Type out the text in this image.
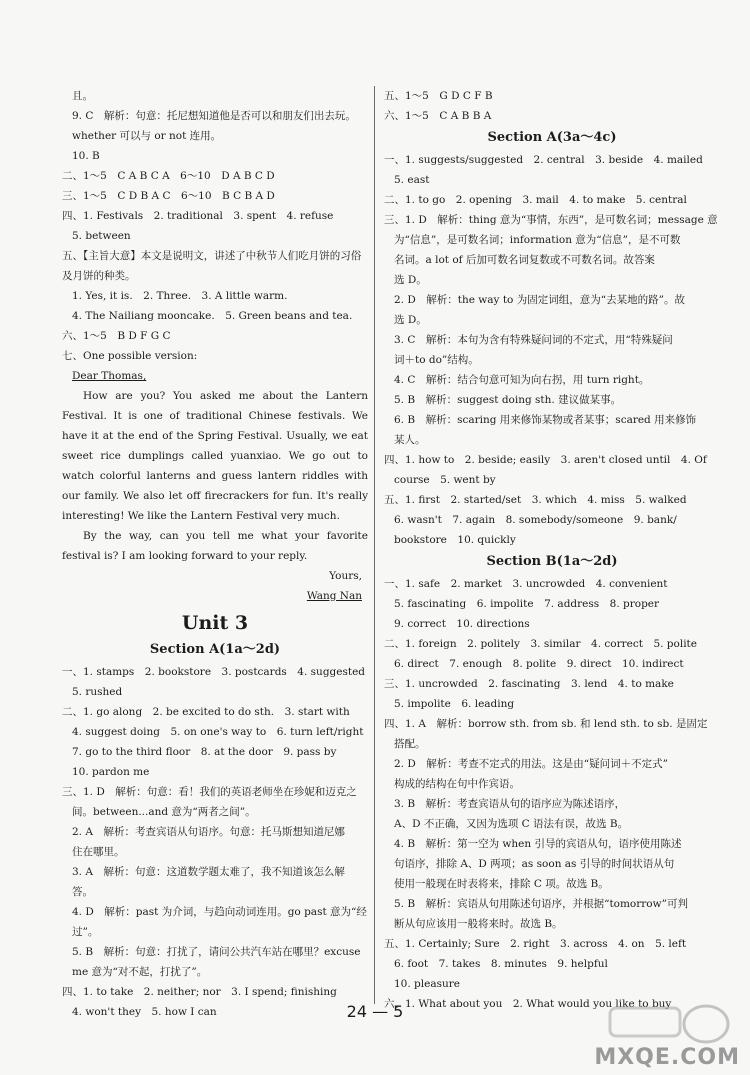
且。
9. C　解析：句意：托尼想知道他是否可以和朋友们出去玩。
whether 可以与 or not 连用。
10. B
二、1～5　C A B C A　6～10　D A B C D
三、1～5　C D B A C　6～10　B C B A D
四、1. Festivals　2. traditional　3. spent　4. refuse
5. between
五、【主旨大意】本文是说明文，讲述了中秋节人们吃月饼的习俗
及月饼的种类。
1. Yes, it is.　2. Three.　3. A little warm.
4. The Nailiang mooncake.　5. Green beans and tea.
六、1～5　B D F G C
七、One possible version:
Dear Thomas,
How are you? You asked me about the Lantern Festival. It is one of traditional Chinese festivals. We have it at the end of the Spring Festival. Usually, we eat sweet rice dumplings called yuanxiao. We go out to watch colorful lanterns and guess lantern riddles with our family. We also let off firecrackers for fun. It's really interesting! We like the Lantern Festival very much.
By the way, can you tell me what your favorite festival is? I am looking forward to your reply.
Yours,
Wang Nan
Unit 3
Section A(1a～2d)
一、1. stamps　2. bookstore　3. postcards　4. suggested
5. rushed
二、1. go along　2. be excited to do sth.　3. start with
4. suggest doing　5. on one's way to　6. turn left/right
7. go to the third floor　8. at the door　9. pass by
10. pardon me
三、1. D　解析：句意：看！我们的英语老师坐在珍妮和迈克之
间。between...and 意为“两者之间”。
2. A　解析：考查宾语从句语序。句意：托马斯想知道尼娜
住在哪里。
3. A　解析：句意：这道数学题太难了，我不知道该怎么解
答。
4. D　解析：past 为介词，与趋向动词连用。go past 意为“经
过”。
5. B　解析：句意：打扰了，请问公共汽车站在哪里？excuse
me 意为“对不起，打扰了”。
四、1. to take　2. neither; nor　3. I spend; finishing
4. won't they　5. how I can
五、1～5　G D C F B
六、1～5　C A B B A
Section A(3a～4c)
一、1. suggests/suggested　2. central　3. beside　4. mailed
5. east
二、1. to go　2. opening　3. mail　4. to make　5. central
三、1. D　解析：thing 意为“事情，东西”，是可数名词；message 意
为“信息”，是可数名词；information 意为“信息”，是不可数
名词。a lot of 后加可数名词复数或不可数名词。故答案
选 D。
2. D　解析：the way to 为固定词组，意为“去某地的路”。故
选 D。
3. C　解析：本句为含有特殊疑问词的不定式，用“特殊疑问
词＋to do”结构。
4. C　解析：结合句意可知为向右拐，用 turn right。
5. B　解析：suggest doing sth. 建议做某事。
6. B　解析：scaring 用来修饰某物或者某事；scared 用来修饰
某人。
四、1. how to　2. beside; easily　3. aren't closed until　4. Of
course　5. went by
五、1. first　2. started/set　3. which　4. miss　5. walked
6. wasn't　7. again　8. somebody/someone　9. bank/
bookstore　10. quickly
Section B(1a～2d)
一、1. safe　2. market　3. uncrowded　4. convenient
5. fascinating　6. impolite　7. address　8. proper
9. correct　10. directions
二、1. foreign　2. politely　3. similar　4. correct　5. polite
6. direct　7. enough　8. polite　9. direct　10. indirect
三、1. uncrowded　2. fascinating　3. lend　4. to make
5. impolite　6. leading
四、1. A　解析：borrow sth. from sb. 和 lend sth. to sb. 是固定
搭配。
2. D　解析：考查不定式的用法。这是由“疑问词＋不定式”
构成的结构在句中作宾语。
3. B　解析：考查宾语从句的语序应为陈述语序，
A、D 不正确，又因为选项 C 语法有误，故选 B。
4. B　解析：第一空为 when 引导的宾语从句，语序使用陈述
句语序，排除 A、D 两项；as soon as 引导的时间状语从句
使用一般现在时表将来，排除 C 项。故选 B。
5. B　解析：宾语从句用陈述句语序，并根据“tomorrow”可判
断从句应该用一般将来时。故选 B。
五、1. Certainly; Sure　2. right　3. across　4. on　5. left
6. foot　7. takes　8. minutes　9. helpful
10. pleasure
六、1. What about you　2. What would you like to buy
24 — 5
MXQE.COM
